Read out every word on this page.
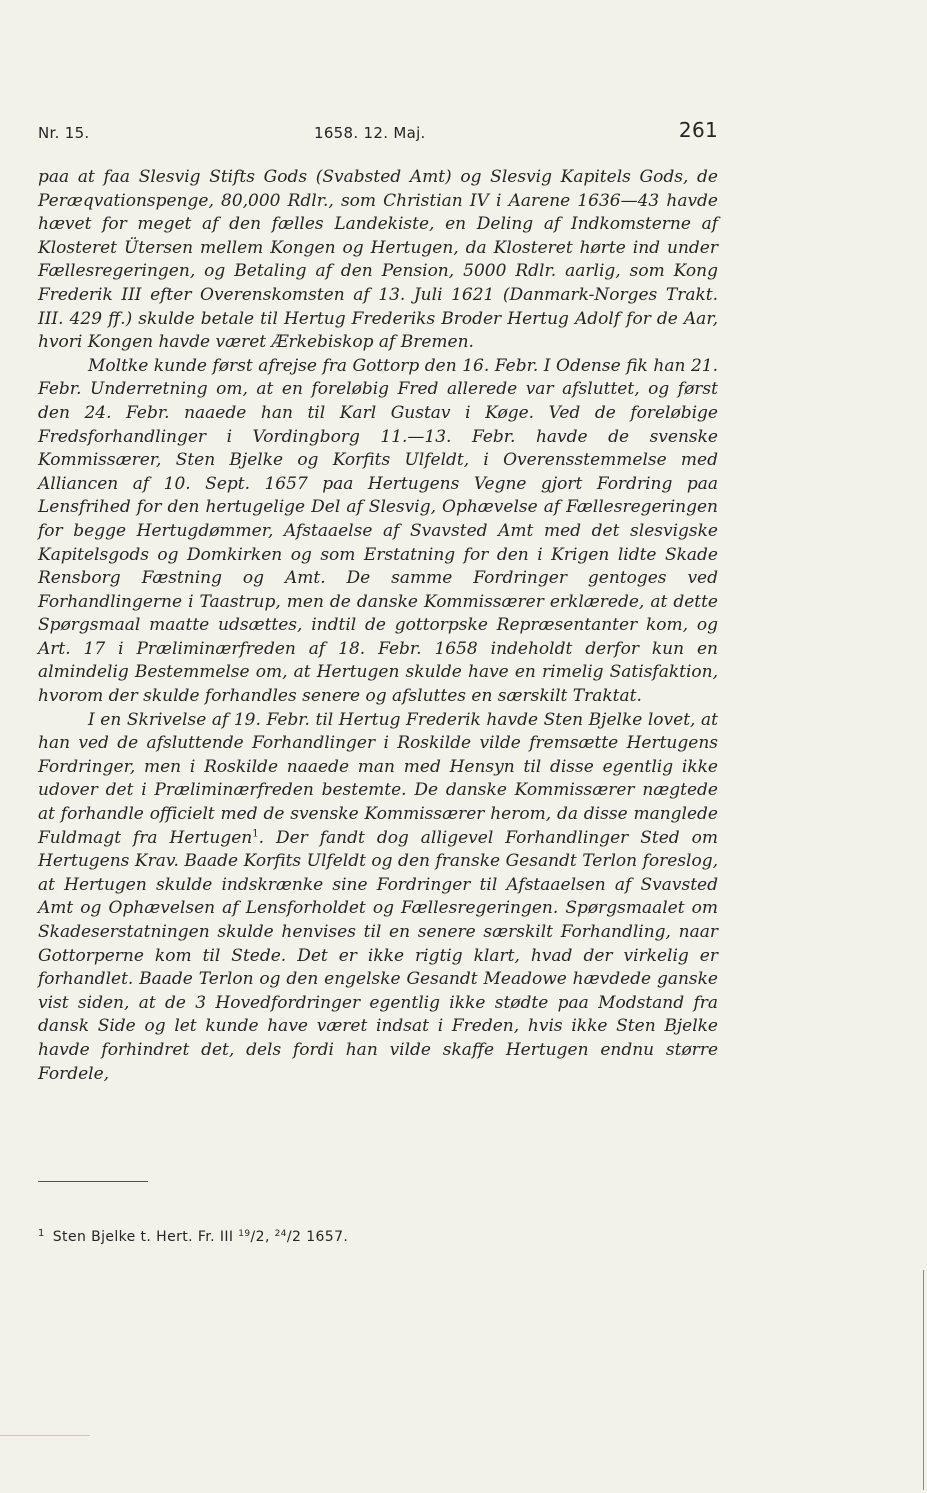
Nr. 15.	1658. 12. Maj.	261

paa at faa Slesvig Stifts Gods (Svabsted Amt) og Slesvig Kapitels Gods, de Peræqvationspenge, 80,000 Rdlr., som Christian IV i Aarene 1636—43 havde hævet for meget af den fælles Landekiste, en Deling af Indkomsterne af Klosteret Ütersen mellem Kongen og Hertugen, da Klosteret hørte ind under Fællesregeringen, og Betaling af den Pension, 5000 Rdlr. aarlig, som Kong Frederik III efter Overenskomsten af 13. Juli 1621 (Danmark-Norges Trakt. III. 429 ff.) skulde betale til Hertug Frederiks Broder Hertug Adolf for de Aar, hvori Kongen havde været Ærkebiskop af Bremen.

Moltke kunde først afrejse fra Gottorp den 16. Febr. I Odense fik han 21. Febr. Underretning om, at en foreløbig Fred allerede var afsluttet, og først den 24. Febr. naaede han til Karl Gustav i Køge. Ved de foreløbige Fredsforhandlinger i Vordingborg 11.—13. Febr. havde de svenske Kommissærer, Sten Bjelke og Korfits Ulfeldt, i Overensstemmelse med Alliancen af 10. Sept. 1657 paa Hertugens Vegne gjort Fordring paa Lensfrihed for den hertugelige Del af Slesvig, Ophævelse af Fællesregeringen for begge Hertugdømmer, Afstaaelse af Svavsted Amt med det slesvigske Kapitelsgods og Domkirken og som Erstatning for den i Krigen lidte Skade Rensborg Fæstning og Amt. De samme Fordringer gentoges ved Forhandlingerne i Taastrup, men de danske Kommissærer erklærede, at dette Spørgsmaal maatte udsættes, indtil de gottorpske Repræsentanter kom, og Art. 17 i Præliminærfreden af 18. Febr. 1658 indeholdt derfor kun en almindelig Bestemmelse om, at Hertugen skulde have en rimelig Satisfaktion, hvorom der skulde forhandles senere og afsluttes en særskilt Traktat.

I en Skrivelse af 19. Febr. til Hertug Frederik havde Sten Bjelke lovet, at han ved de afsluttende Forhandlinger i Roskilde vilde fremsætte Hertugens Fordringer, men i Roskilde naaede man med Hensyn til disse egentlig ikke udover det i Præliminærfreden bestemte. De danske Kommissærer nægtede at forhandle officielt med de svenske Kommissærer herom, da disse manglede Fuldmagt fra Hertugen$^1$. Der fandt dog alligevel Forhandlinger Sted om Hertugens Krav. Baade Korfits Ulfeldt og den franske Gesandt Terlon foreslog, at Hertugen skulde indskrænke sine Fordringer til Afstaaelsen af Svavsted Amt og Ophævelsen af Lensforholdet og Fællesregeringen. Spørgsmaalet om Skadeserstatningen skulde henvises til en senere særskilt Forhandling, naar Gottorperne kom til Stede. Det er ikke rigtig klart, hvad der virkelig er forhandlet. Baade Terlon og den engelske Gesandt Meadowe hævdede ganske vist siden, at de 3 Hovedfordringer egentlig ikke stødte paa Modstand fra dansk Side og let kunde have været indsat i Freden, hvis ikke Sten Bjelke havde forhindret det, dels fordi han vilde skaffe Hertugen endnu større Fordele,

$^1$ Sten Bjelke t. Hert. Fr. III $^{19}$/2, $^{24}$/2 1657.
